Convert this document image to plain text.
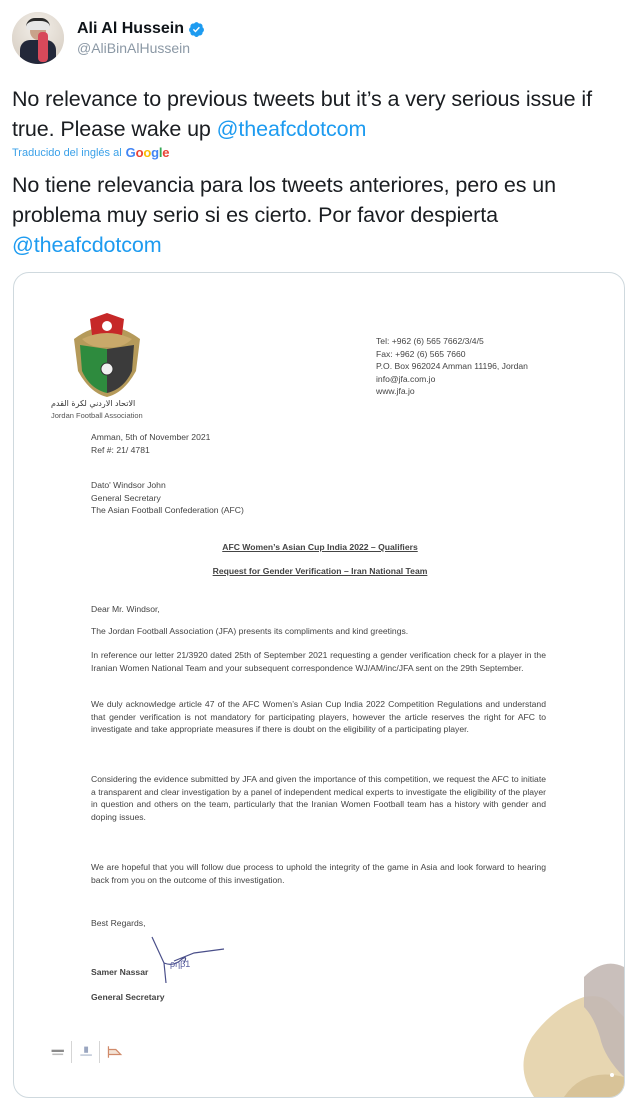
Ali Al Hussein
@AliBinAlHussein
No relevance to previous tweets but it’s a very serious issue if true. Please wake up @theafcdotcom
Traducido del inglés al Google
No tiene relevancia para los tweets anteriores, pero es un problema muy serio si es cierto. Por favor despierta @theafcdotcom
الاتحاد الاردني لكرة القدم
Jordan Football Association
Tel: +962 (6) 565 7662/3/4/5
Fax: +962 (6) 565 7660
P.O. Box 962024 Amman 11196, Jordan
info@jfa.com.jo
www.jfa.jo
Amman, 5th of November 2021
Ref #: 21/ 4781
Dato' Windsor John
General Secretary
The Asian Football Confederation (AFC)
AFC Women’s Asian Cup India 2022 – Qualifiers
Request for Gender Verification – Iran National Team
Dear Mr. Windsor,
The Jordan Football Association (JFA) presents its compliments and kind greetings.
In reference our letter 21/3920 dated 25th of September 2021 requesting a gender verification check for a player in the Iranian Women National Team and your subsequent correspondence WJ/AM/inc/JFA sent on the 29th September.
We duly acknowledge article 47 of the AFC Women’s Asian Cup India 2022 Competition Regulations and understand that gender verification is not mandatory for participating players, however the article reserves the right for AFC to investigate and take appropriate measures if there is doubt on the eligibility of a participating player.
Considering the evidence submitted by JFA and given the importance of this competition, we request the AFC to initiate a transparent and clear investigation by a panel of independent medical experts to investigate the eligibility of the player in question and others on the team, particularly that the Iranian Women Football team has a history with gender and doping issues.
We are hopeful that you will follow due process to uphold the integrity of the game in Asia and look forward to hearing back from you on the outcome of this investigation.
Best Regards,
Samer Nassar
General Secretary
ρηβ1
